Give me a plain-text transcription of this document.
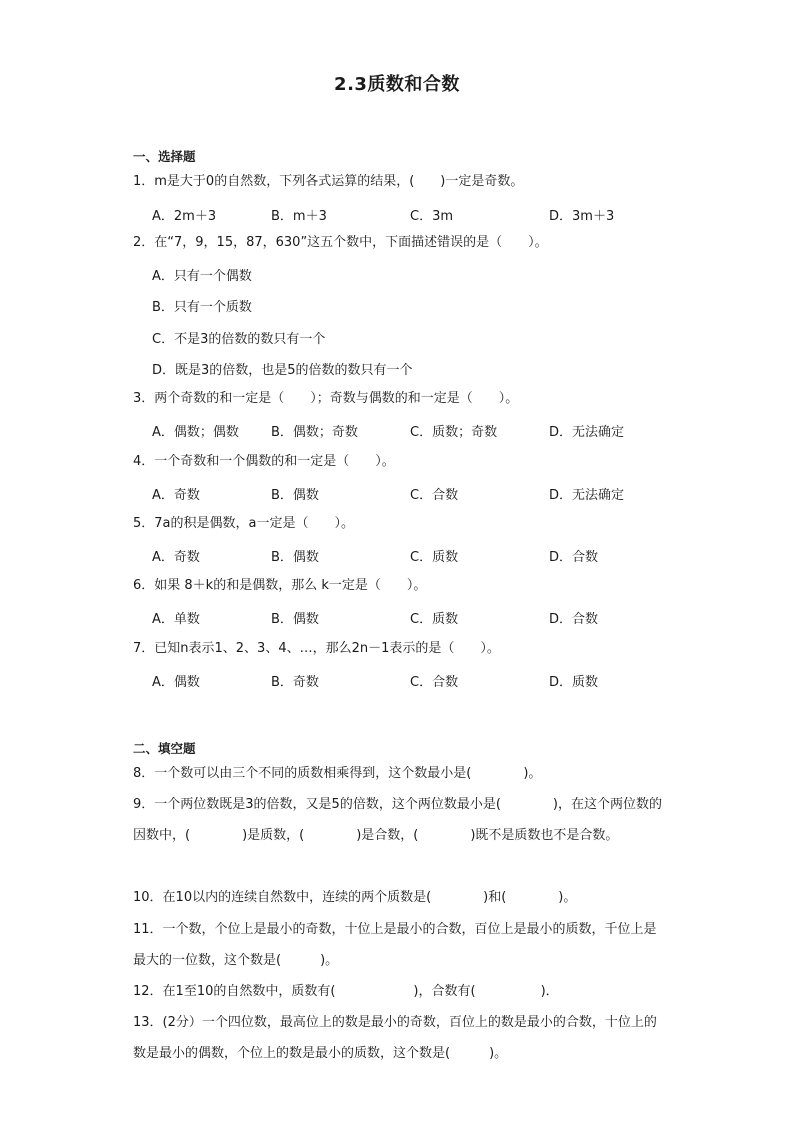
2.3质数和合数
一、选择题
1．m是大于0的自然数，下列各式运算的结果，(　　)一定是奇数。
A．2m＋3	B．m＋3	C．3m	D．3m＋3
2．在“7，9，15，87，630”这五个数中，下面描述错误的是（　　）。
A．只有一个偶数
B．只有一个质数
C．不是3的倍数的数只有一个
D．既是3的倍数，也是5的倍数的数只有一个
3．两个奇数的和一定是（　　）；奇数与偶数的和一定是（　　）。
A．偶数；偶数 B．偶数；奇数	C．质数；奇数	D．无法确定
4．一个奇数和一个偶数的和一定是（　　）。
A．奇数	B．偶数	C．合数	D．无法确定
5．7a的积是偶数，a一定是（　　）。
A．奇数	B．偶数	C．质数	D．合数
6．如果 8＋k的和是偶数，那么 k一定是（　　）。
A．单数	B．偶数	C．质数	D．合数
7．已知n表示1、2、3、4、…，那么2n－1表示的是（　　）。
A．偶数	B．奇数	C．合数	D．质数
二、填空题
8．一个数可以由三个不同的质数相乘得到，这个数最小是(　　　　)。
9．一个两位数既是3的倍数，又是5的倍数，这个两位数最小是(　　　　)，在这个两位数的因数中，(　　　　)是质数，(　　　　)是合数，(　　　　)既不是质数也不是合数。
10．在10以内的连续自然数中，连续的两个质数是(　　　　)和(　　　　)。
11．一个数，个位上是最小的奇数，十位上是最小的合数，百位上是最小的质数，千位上是最大的一位数，这个数是(　　　)。
12．在1至10的自然数中，质数有(　　　　　　)，合数有(　　　　　)．
13．(2分）一个四位数，最高位上的数是最小的奇数，百位上的数是最小的合数，十位上的数是最小的偶数，个位上的数是最小的质数，这个数是(　　　)。
